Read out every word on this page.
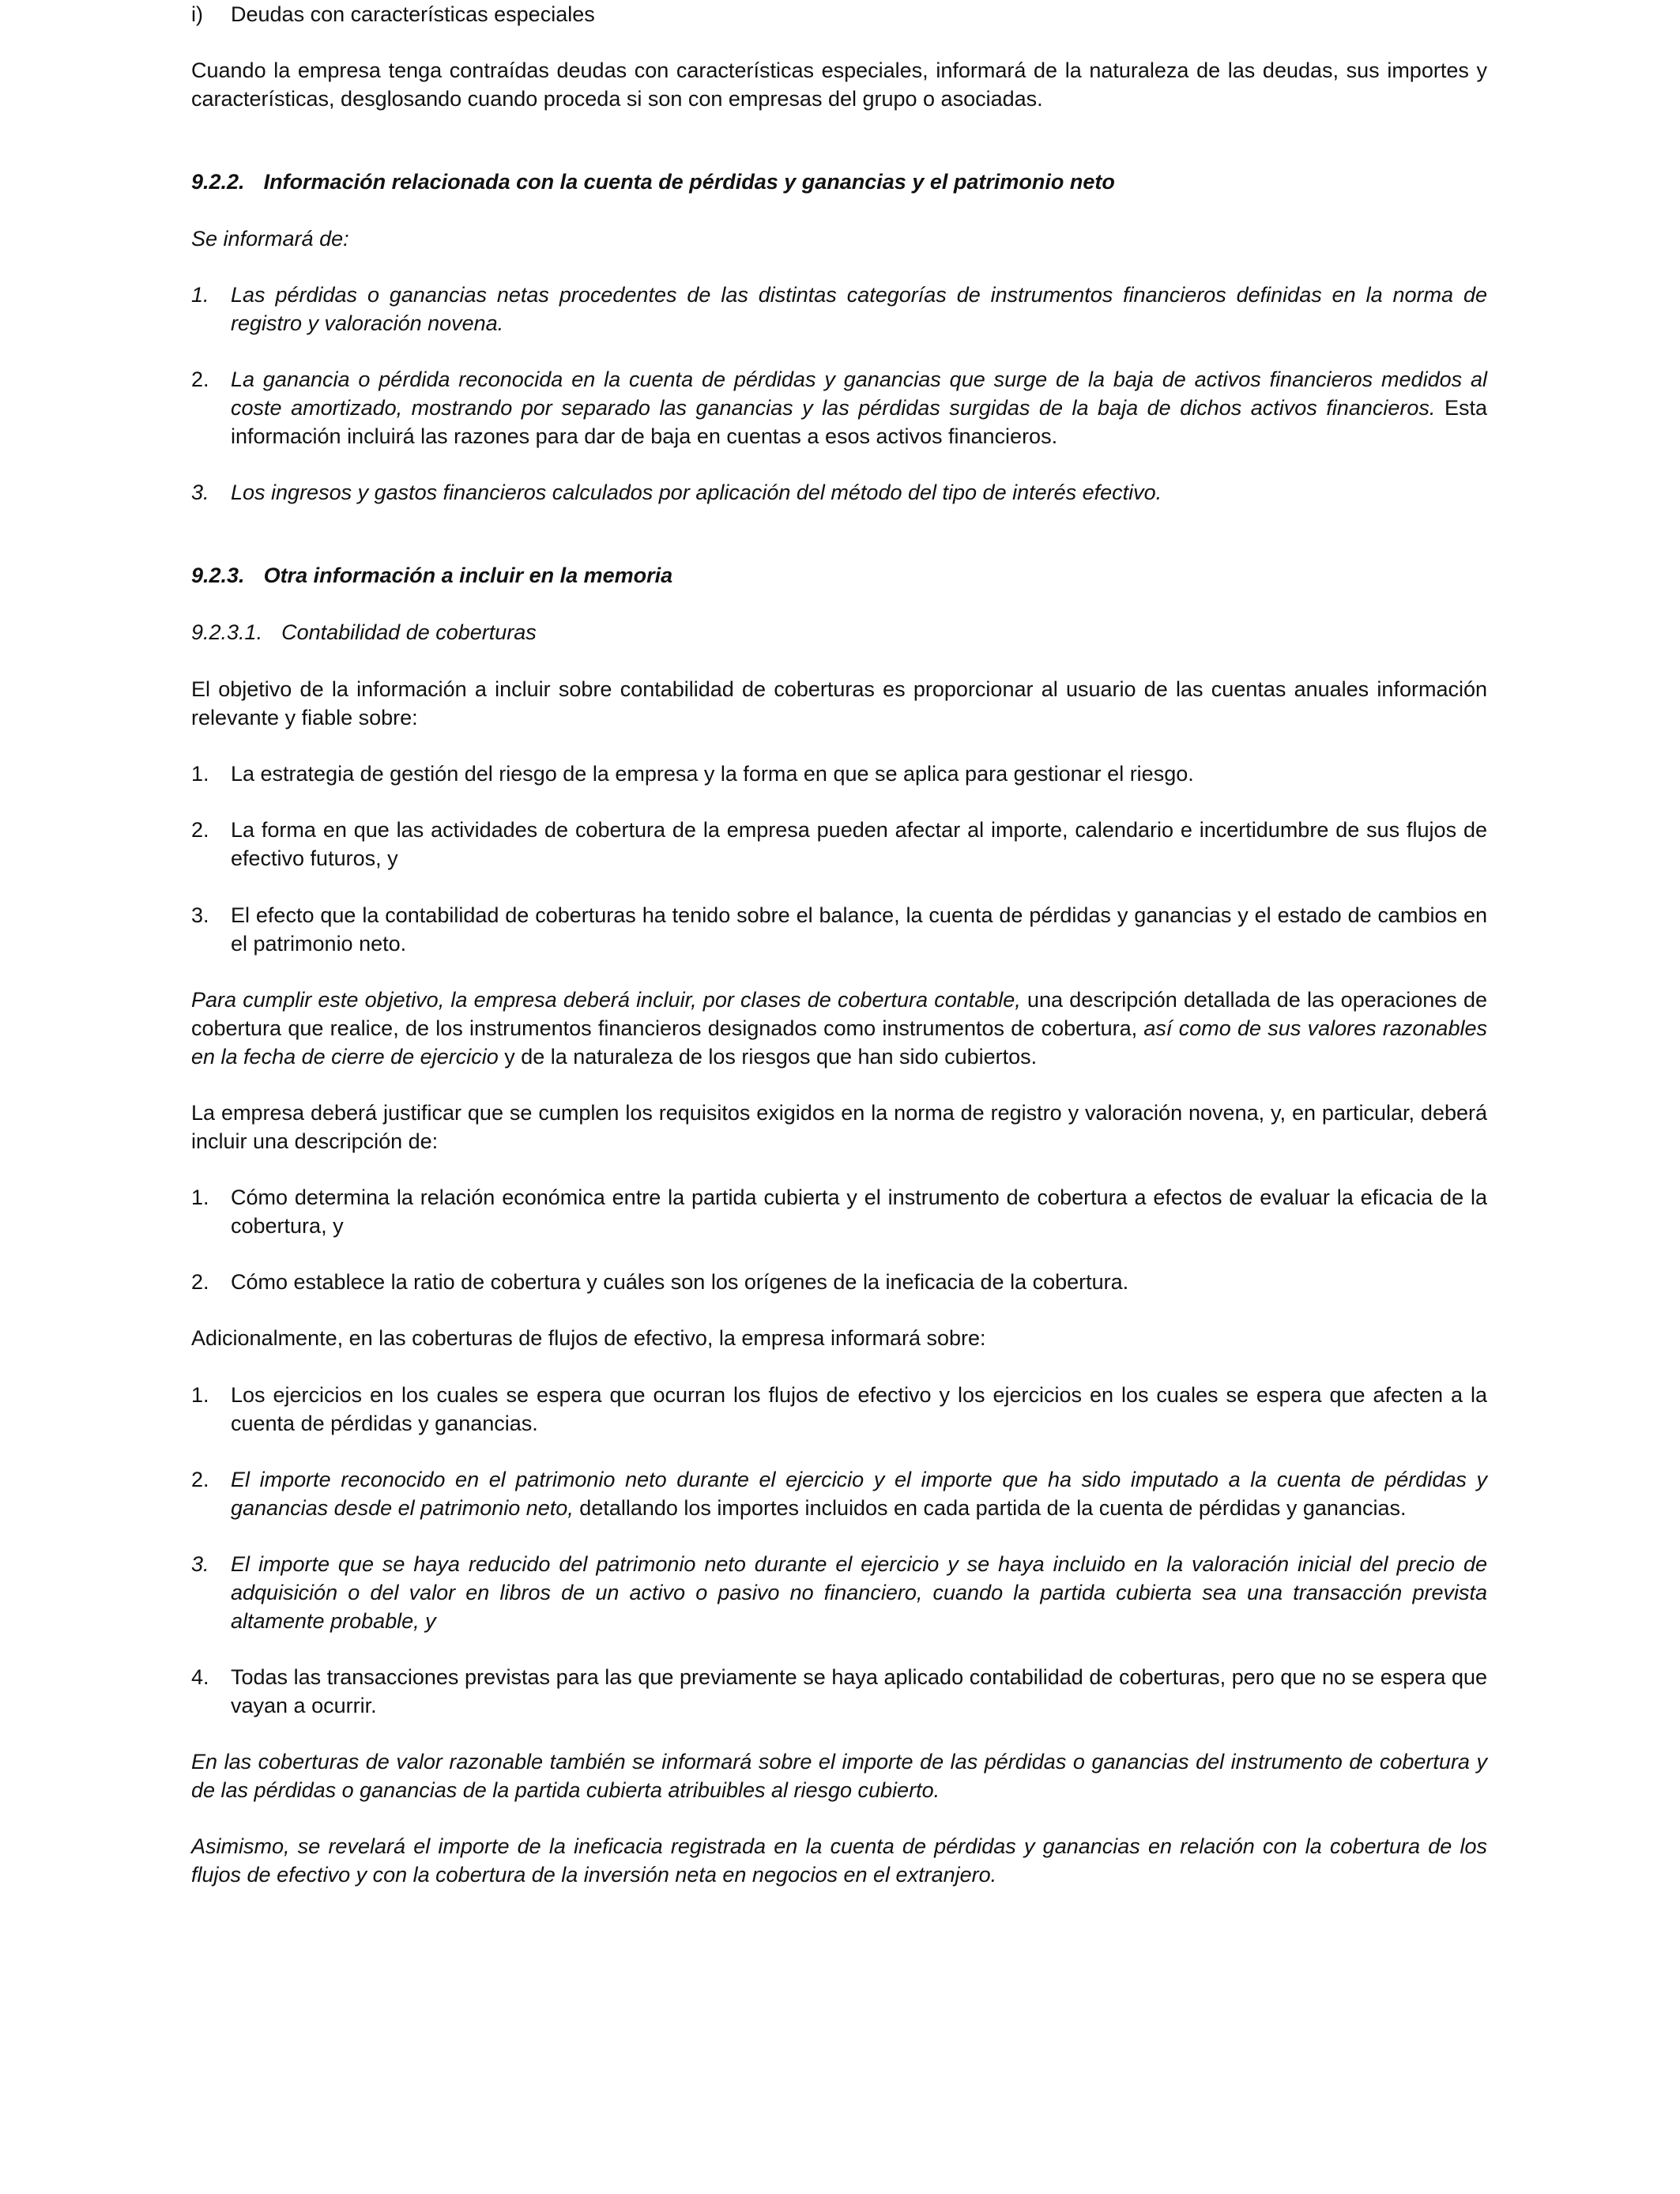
i)	Deudas con características especiales

Cuando la empresa tenga contraídas deudas con características especiales, informará de la naturaleza de las deudas, sus importes y características, desglosando cuando proceda si son con empresas del grupo o asociadas.

9.2.2. Información relacionada con la cuenta de pérdidas y ganancias y el patrimonio neto

Se informará de:

1.	Las pérdidas o ganancias netas procedentes de las distintas categorías de instrumentos financieros definidas en la norma de registro y valoración novena.
2.	La ganancia o pérdida reconocida en la cuenta de pérdidas y ganancias que surge de la baja de activos financieros medidos al coste amortizado, mostrando por separado las ganancias y las pérdidas surgidas de la baja de dichos activos financieros. Esta información incluirá las razones para dar de baja en cuentas a esos activos financieros.
3.	Los ingresos y gastos financieros calculados por aplicación del método del tipo de interés efectivo.
9.2.3. Otra información a incluir en la memoria
9.2.3.1. Contabilidad de coberturas

El objetivo de la información a incluir sobre contabilidad de coberturas es proporcionar al usuario de las cuentas anuales información relevante y fiable sobre:

1.	La estrategia de gestión del riesgo de la empresa y la forma en que se aplica para gestionar el riesgo.
2.	La forma en que las actividades de cobertura de la empresa pueden afectar al importe, calendario e incertidumbre de sus flujos de efectivo futuros, y
3.	El efecto que la contabilidad de coberturas ha tenido sobre el balance, la cuenta de pérdidas y ganancias y el estado de cambios en el patrimonio neto.

Para cumplir este objetivo, la empresa deberá incluir, por clases de cobertura contable, una descripción detallada de las operaciones de cobertura que realice, de los instrumentos financieros designados como instrumentos de cobertura, así como de sus valores razonables en la fecha de cierre de ejercicio y de la naturaleza de los riesgos que han sido cubiertos.

La empresa deberá justificar que se cumplen los requisitos exigidos en la norma de registro y valoración novena, y, en particular, deberá incluir una descripción de:

1.	Cómo determina la relación económica entre la partida cubierta y el instrumento de cobertura a efectos de evaluar la eficacia de la cobertura, y
2.	Cómo establece la ratio de cobertura y cuáles son los orígenes de la ineficacia de la cobertura.

Adicionalmente, en las coberturas de flujos de efectivo, la empresa informará sobre:

1.	Los ejercicios en los cuales se espera que ocurran los flujos de efectivo y los ejercicios en los cuales se espera que afecten a la cuenta de pérdidas y ganancias.
2.	El importe reconocido en el patrimonio neto durante el ejercicio y el importe que ha sido imputado a la cuenta de pérdidas y ganancias desde el patrimonio neto, detallando los importes incluidos en cada partida de la cuenta de pérdidas y ganancias.
3.	El importe que se haya reducido del patrimonio neto durante el ejercicio y se haya incluido en la valoración inicial del precio de adquisición o del valor en libros de un activo o pasivo no financiero, cuando la partida cubierta sea una transacción prevista altamente probable, y
4.	Todas las transacciones previstas para las que previamente se haya aplicado contabilidad de coberturas, pero que no se espera que vayan a ocurrir.

En las coberturas de valor razonable también se informará sobre el importe de las pérdidas o ganancias del instrumento de cobertura y de las pérdidas o ganancias de la partida cubierta atribuibles al riesgo cubierto.

Asimismo, se revelará el importe de la ineficacia registrada en la cuenta de pérdidas y ganancias en relación con la cobertura de los flujos de efectivo y con la cobertura de la inversión neta en negocios en el extranjero.
